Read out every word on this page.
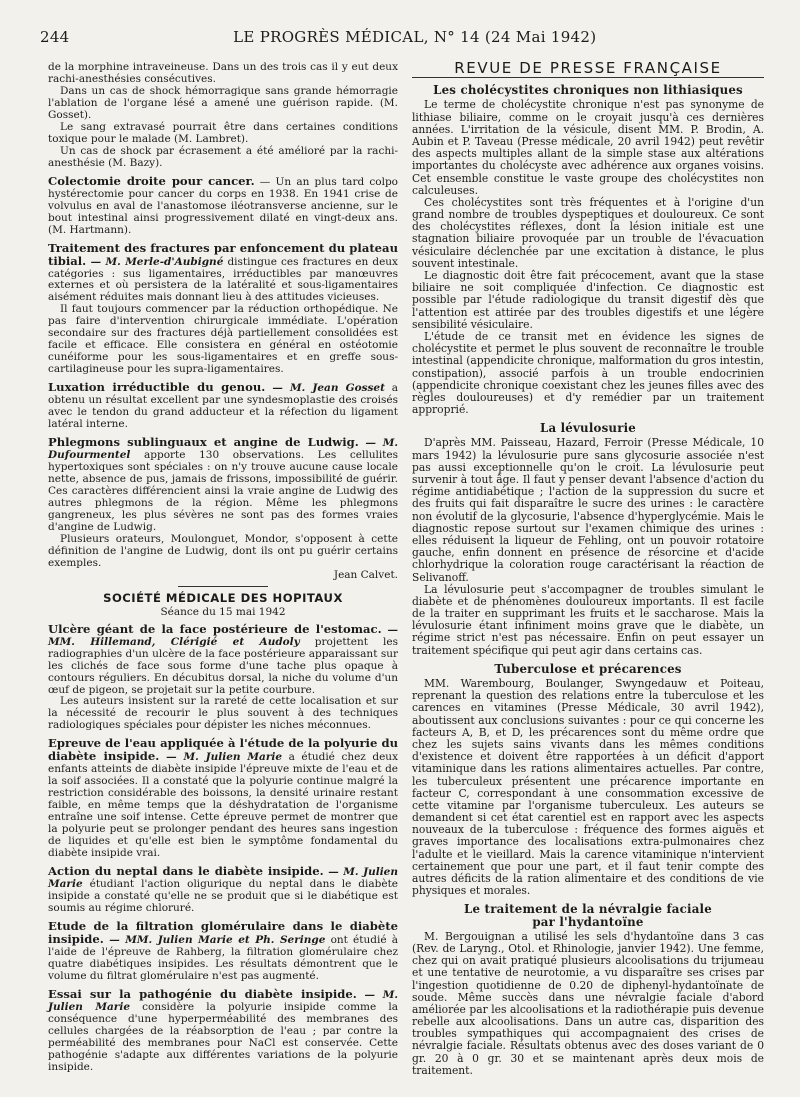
244	LE PROGRÈS MÉDICAL, N° 14 (24 Mai 1942)

de la morphine intraveineuse. Dans un des trois cas il y eut deux rachi-anesthésies consécutives.

Dans un cas de shock hémorragique sans grande hémorragie l'ablation de l'organe lésé a amené une guérison rapide. (M. Gosset).

Le sang extravasé pourrait être dans certaines conditions toxique pour le malade (M. Lambret).

Un cas de shock par écrasement a été amélioré par la rachi-anesthésie (M. Bazy).

Colectomie droite pour cancer. — Un an plus tard colpo hystérectomie pour cancer du corps en 1938. En 1941 crise de volvulus en aval de l'anastomose iléotransverse ancienne, sur le bout intestinal ainsi progressivement dilaté en vingt-deux ans. (M. Hartmann).

Traitement des fractures par enfoncement du plateau tibial. — M. Merle-d'Aubigné distingue ces fractures en deux catégories : sus ligamentaires, irréductibles par manœuvres externes et où persistera de la latéralité et sous-ligamentaires aisément réduites mais donnant lieu à des attitudes vicieuses.

Il faut toujours commencer par la réduction orthopédique. Ne pas faire d'intervention chirurgicale immédiate. L'opération secondaire sur des fractures déjà partiellement consolidées est facile et efficace. Elle consistera en général en ostéotomie cunéiforme pour les sous-ligamentaires et en greffe sous-cartilagineuse pour les supra-ligamentaires.

Luxation irréductible du genou. — M. Jean Gosset a obtenu un résultat excellent par une syndesmoplastie des croisés avec le tendon du grand adducteur et la réfection du ligament latéral interne.

Phlegmons sublinguaux et angine de Ludwig. — M. Dufourmentel apporte 130 observations. Les cellulites hypertoxiques sont spéciales : on n'y trouve aucune cause locale nette, absence de pus, jamais de frissons, impossibilité de guérir. Ces caractères différencient ainsi la vraie angine de Ludwig des autres phlegmons de la région. Même les phlegmons gangreneux, les plus sévères ne sont pas des formes vraies d'angine de Ludwig.

Plusieurs orateurs, Moulonguet, Mondor, s'opposent à cette définition de l'angine de Ludwig, dont ils ont pu guérir certains exemples.

Jean Calvet.

SOCIÉTÉ MÉDICALE DES HOPITAUX
Séance du 15 mai 1942

Ulcère géant de la face postérieure de l'estomac. — MM. Hillemand, Clérigié et Audoly projettent les radiographies d'un ulcère de la face postérieure apparaissant sur les clichés de face sous forme d'une tache plus opaque à contours réguliers. En décubitus dorsal, la niche du volume d'un œuf de pigeon, se projetait sur la petite courbure.

Les auteurs insistent sur la rareté de cette localisation et sur la nécessité de recourir le plus souvent à des techniques radiologiques spéciales pour dépister les niches méconnues.

Epreuve de l'eau appliquée à l'étude de la polyurie du diabète insipide. — M. Julien Marie a étudié chez deux enfants atteints de diabète insipide l'épreuve mixte de l'eau et de la soif associées. Il a constaté que la polyurie continue malgré la restriction considérable des boissons, la densité urinaire restant faible, en même temps que la déshydratation de l'organisme entraîne une soif intense. Cette épreuve permet de montrer que la polyurie peut se prolonger pendant des heures sans ingestion de liquides et qu'elle est bien le symptôme fondamental du diabète insipide vrai.

Action du neptal dans le diabète insipide. — M. Julien Marie étudiant l'action oligurique du neptal dans le diabète insipide a constaté qu'elle ne se produit que si le diabétique est soumis au régime chloruré.

Etude de la filtration glomérulaire dans le diabète insipide. — MM. Julien Marie et Ph. Seringe ont étudié à l'aide de l'épreuve de Rahberg, la filtration glomérulaire chez quatre diabétiques insipides. Les résultats démontrent que le volume du filtrat glomérulaire n'est pas augmenté.

Essai sur la pathogénie du diabète insipide. — M. Julien Marie considère la polyurie insipide comme la conséquence d'une hyperperméabilité des membranes des cellules chargées de la réabsorption de l'eau ; par contre la perméabilité des membranes pour NaCl est conservée. Cette pathogénie s'adapte aux différentes variations de la polyurie insipide.

REVUE DE PRESSE FRANÇAISE
Les cholécystites chroniques non lithiasiques

Le terme de cholécystite chronique n'est pas synonyme de lithiase biliaire, comme on le croyait jusqu'à ces dernières années. L'irritation de la vésicule, disent MM. P. Brodin, A. Aubin et P. Taveau (Presse médicale, 20 avril 1942) peut revêtir des aspects multiples allant de la simple stase aux altérations importantes du cholécyste avec adhérence aux organes voisins. Cet ensemble constitue le vaste groupe des cholécystites non calculeuses.

Ces cholécystites sont très fréquentes et à l'origine d'un grand nombre de troubles dyspeptiques et douloureux. Ce sont des cholécystites réflexes, dont la lésion initiale est une stagnation biliaire provoquée par un trouble de l'évacuation vésiculaire déclenchée par une excitation à distance, le plus souvent intestinale.

Le diagnostic doit être fait précocement, avant que la stase biliaire ne soit compliquée d'infection. Ce diagnostic est possible par l'étude radiologique du transit digestif dès que l'attention est attirée par des troubles digestifs et une légère sensibilité vésiculaire.

L'étude de ce transit met en évidence les signes de cholécystite et permet le plus souvent de reconnaître le trouble intestinal (appendicite chronique, malformation du gros intestin, constipation), associé parfois à un trouble endocrinien (appendicite chronique coexistant chez les jeunes filles avec des règles douloureuses) et d'y remédier par un traitement approprié.

La lévulosurie

D'après MM. Paisseau, Hazard, Ferroir (Presse Médicale, 10 mars 1942) la lévulosurie pure sans glycosurie associée n'est pas aussi exceptionnelle qu'on le croit. La lévulosurie peut survenir à tout âge. Il faut y penser devant l'absence d'action du régime antidiabétique ; l'action de la suppression du sucre et des fruits qui fait disparaître le sucre des urines : le caractère non évolutif de la glycosurie, l'absence d'hyperglycémie. Mais le diagnostic repose surtout sur l'examen chimique des urines : elles réduisent la liqueur de Fehling, ont un pouvoir rotatoire gauche, enfin donnent en présence de résorcine et d'acide chlorhydrique la coloration rouge caractérisant la réaction de Selivanoff.

La lévulosurie peut s'accompagner de troubles simulant le diabète et de phénomènes douloureux importants. Il est facile de la traiter en supprimant les fruits et le saccharose. Mais la lévulosurie étant infiniment moins grave que le diabète, un régime strict n'est pas nécessaire. Enfin on peut essayer un traitement spécifique qui peut agir dans certains cas.

Tuberculose et précarences

MM. Warembourg, Boulanger, Swyngedauw et Poiteau, reprenant la question des relations entre la tuberculose et les carences en vitamines (Presse Médicale, 30 avril 1942), aboutissent aux conclusions suivantes : pour ce qui concerne les facteurs A, B, et D, les précarences sont du même ordre que chez les sujets sains vivants dans les mêmes conditions d'existence et doivent être rapportées à un déficit d'apport vitaminique dans les rations alimentaires actuelles. Par contre, les tuberculeux présentent une précarence importante en facteur C, correspondant à une consommation excessive de cette vitamine par l'organisme tuberculeux. Les auteurs se demandent si cet état carentiel est en rapport avec les aspects nouveaux de la tuberculose : fréquence des formes aiguës et graves importance des localisations extra-pulmonaires chez l'adulte et le vieillard. Mais la carence vitaminique n'intervient certainement que pour une part, et il faut tenir compte des autres déficits de la ration alimentaire et des conditions de vie physiques et morales.

Le traitement de la névralgie faciale
par l'hydantoïne

M. Bergouignan a utilisé les sels d'hydantoïne dans 3 cas (Rev. de Laryng., Otol. et Rhinologie, janvier 1942). Une femme, chez qui on avait pratiqué plusieurs alcoolisations du trijumeau et une tentative de neurotomie, a vu disparaître ses crises par l'ingestion quotidienne de 0.20 de diphenyl-hydantoïnate de soude. Même succès dans une névralgie faciale d'abord améliorée par les alcoolisations et la radiothérapie puis devenue rebelle aux alcoolisations. Dans un autre cas, disparition des troubles sympathiques qui accompagnaient des crises de névralgie faciale. Résultats obtenus avec des doses variant de 0 gr. 20 à 0 gr. 30 et se maintenant après deux mois de traitement.
